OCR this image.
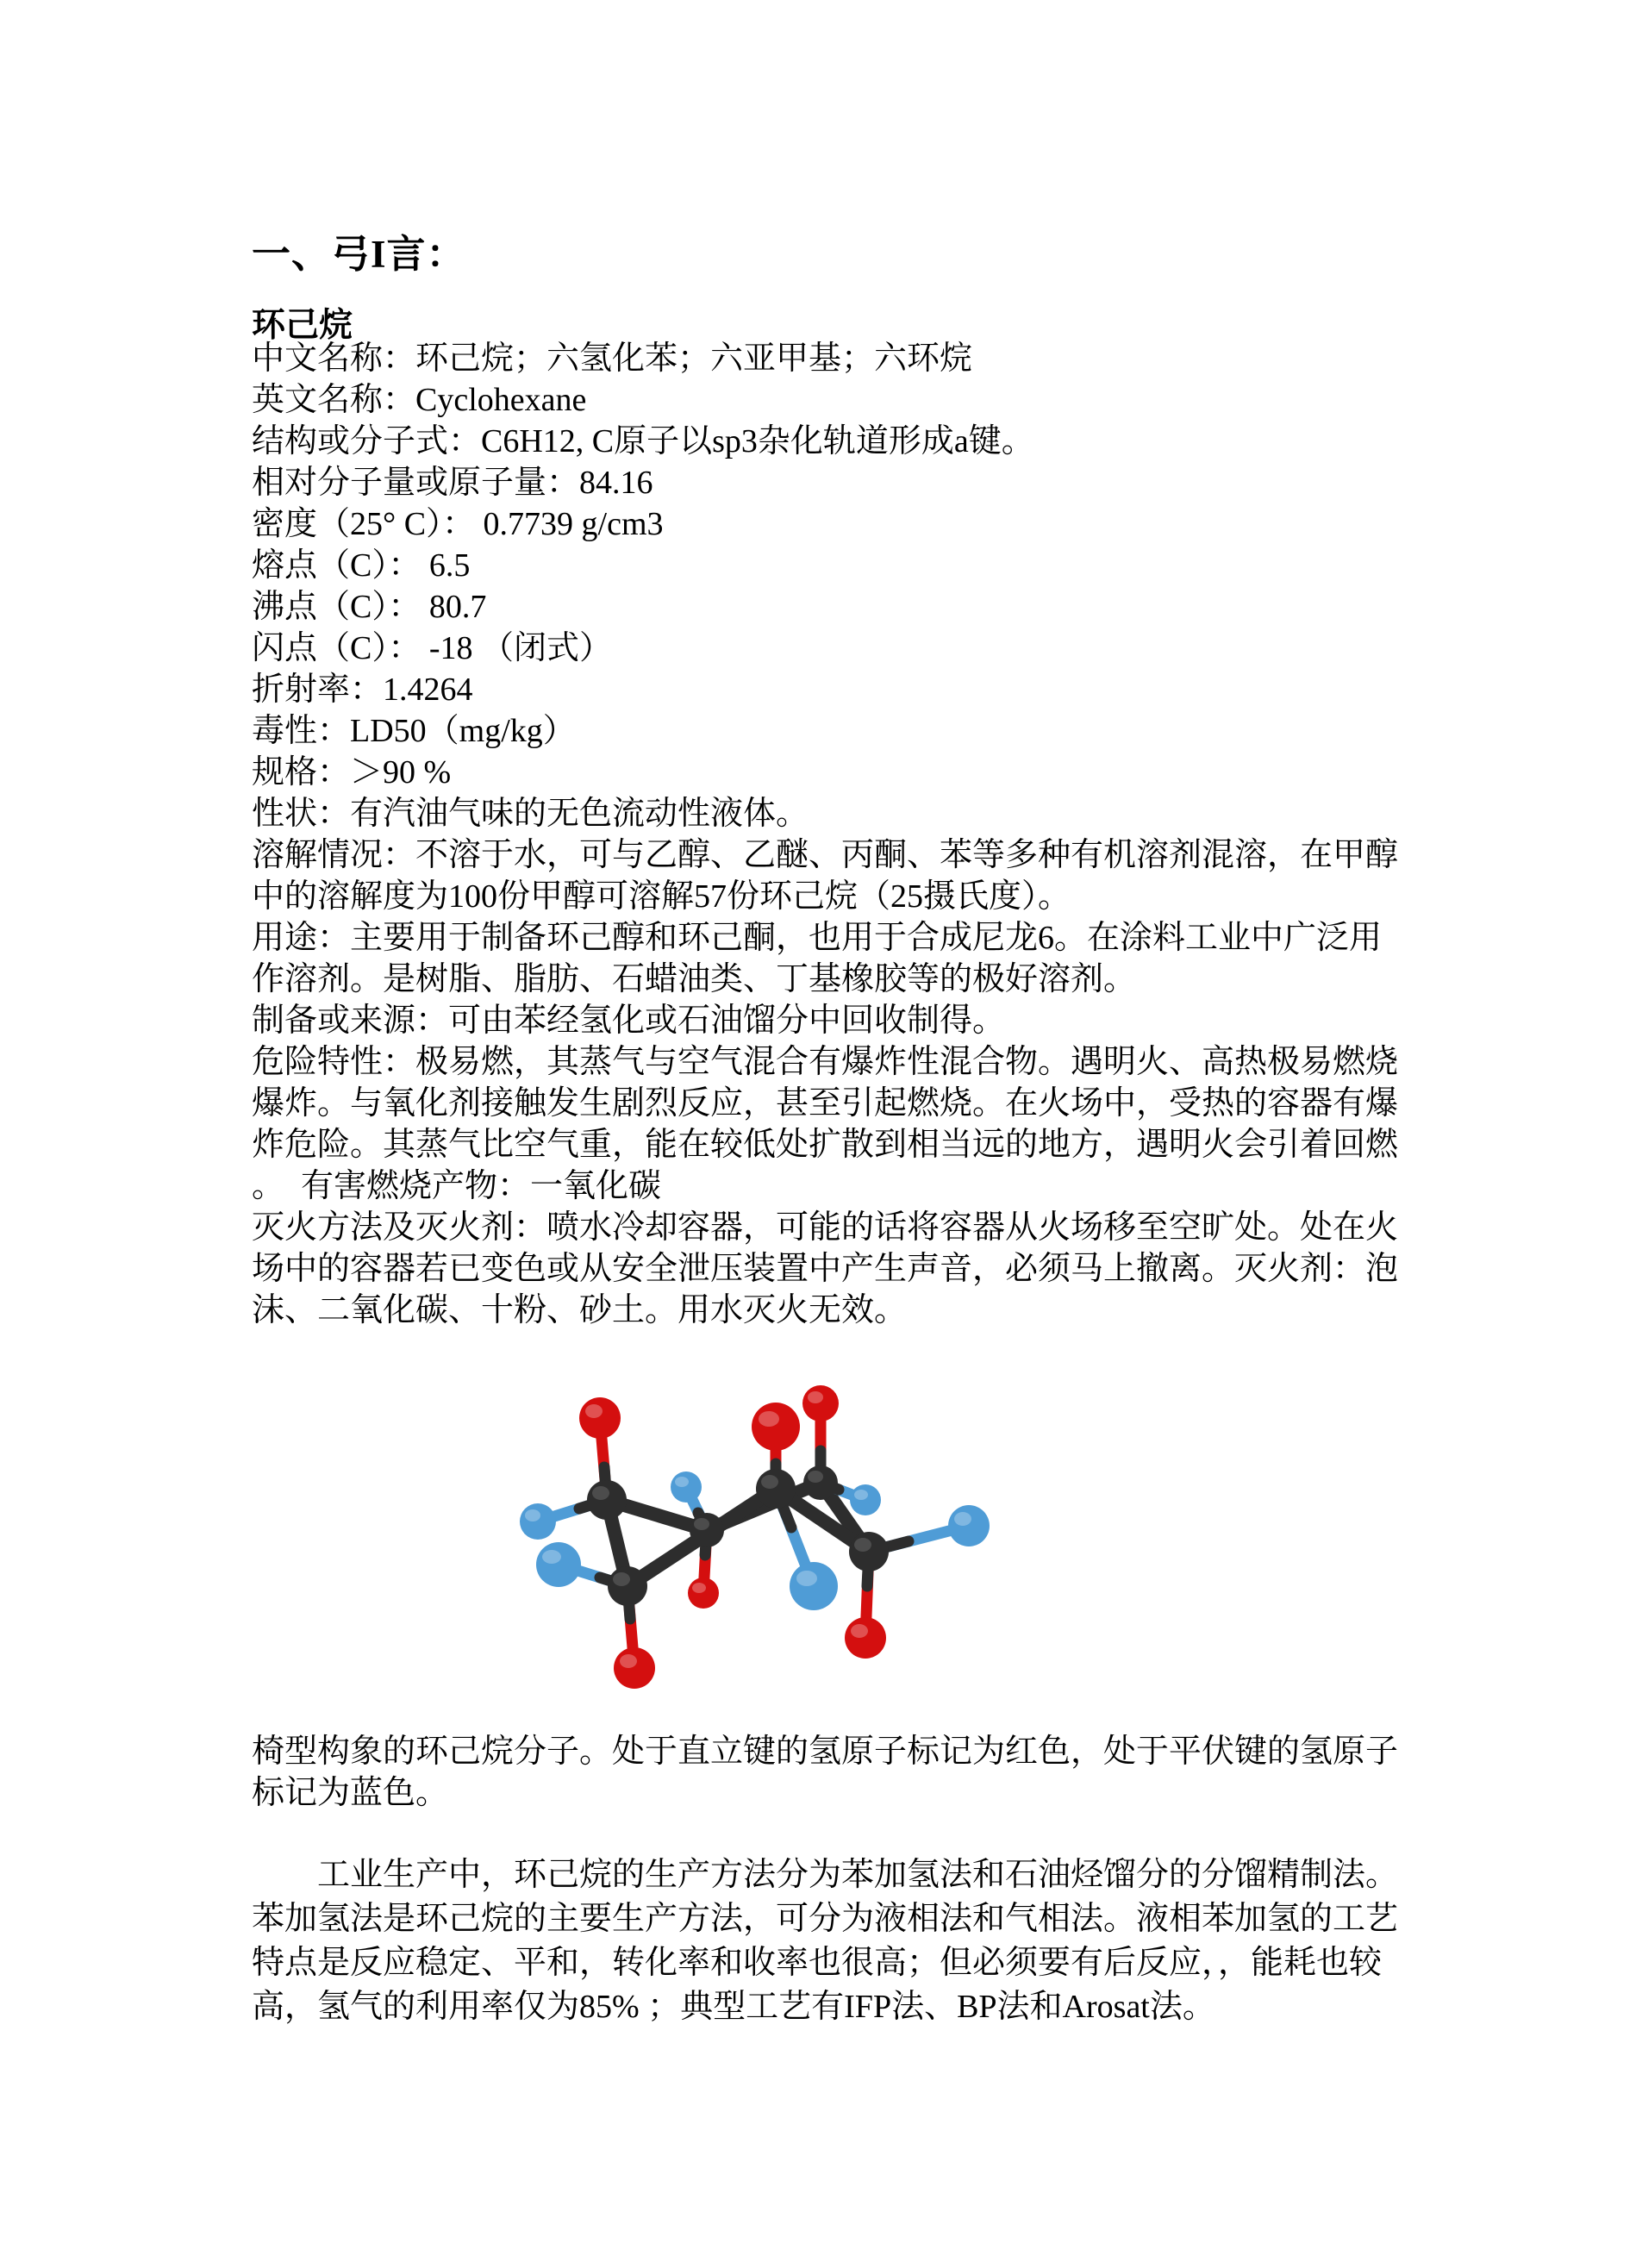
一、弓I言：
环己烷
中文名称：环己烷；六氢化苯；六亚甲基；六环烷
英文名称：Cyclohexane
结构或分子式：C6H12, C原子以sp3杂化轨道形成a键。
相对分子量或原子量：84.16
密度（25° C）： 0.7739 g/cm3
熔点（C）： 6.5
沸点（C）： 80.7
闪点（C）： -18 （闭式）
折射率：1.4264
毒性：LD50（mg/kg）
规格：＞90 %
性状：有汽油气味的无色流动性液体。
溶解情况：不溶于水，可与乙醇、乙醚、丙酮、苯等多种有机溶剂混溶，在甲醇
中的溶解度为100份甲醇可溶解57份环己烷（25摄氏度）。
用途：主要用于制备环己醇和环己酮，也用于合成尼龙6。在涂料工业中广泛用
作溶剂。是树脂、脂肪、石蜡油类、丁基橡胶等的极好溶剂。
制备或来源：可由苯经氢化或石油馏分中回收制得。
危险特性：极易燃，其蒸气与空气混合有爆炸性混合物。遇明火、高热极易燃烧
爆炸。与氧化剂接触发生剧烈反应，甚至引起燃烧。在火场中，受热的容器有爆
炸危险。其蒸气比空气重，能在较低处扩散到相当远的地方，遇明火会引着回燃
。　有害燃烧产物：一氧化碳
灭火方法及灭火剂：喷水冷却容器，可能的话将容器从火场移至空旷处。处在火
场中的容器若已变色或从安全泄压装置中产生声音，必须马上撤离。灭火剂：泡
沫、二氧化碳、十粉、砂土。用水灭火无效。
椅型构象的环己烷分子。处于直立键的氢原子标记为红色，处于平伏键的氢原子
标记为蓝色。
　　工业生产中，环己烷的生产方法分为苯加氢法和石油烃馏分的分馏精制法。
苯加氢法是环己烷的主要生产方法，可分为液相法和气相法。液相苯加氢的工艺
特点是反应稳定、平和，转化率和收率也很高；但必须要有后反应，，能耗也较
高，氢气的利用率仅为85% ；典型工艺有IFP法、BP法和Arosat法。
